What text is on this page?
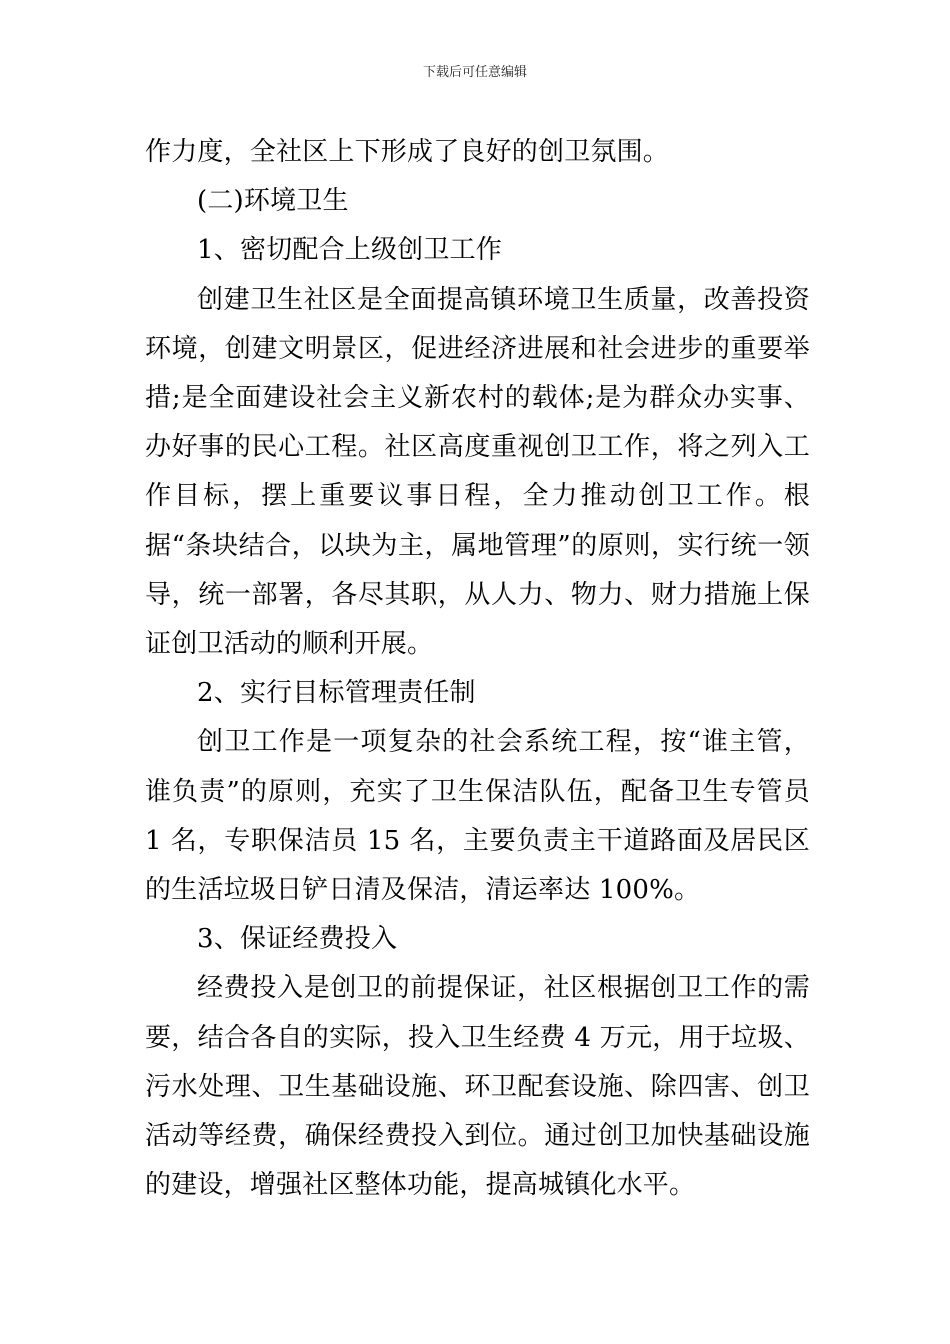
下载后可任意编辑

作力度，全社区上下形成了良好的创卫氛围。

(二)环境卫生

1、密切配合上级创卫工作

创建卫生社区是全面提高镇环境卫生质量，改善投资环境，创建文明景区，促进经济进展和社会进步的重要举措;是全面建设社会主义新农村的载体;是为群众办实事、办好事的民心工程。社区高度重视创卫工作，将之列入工作目标，摆上重要议事日程，全力推动创卫工作。根据“条块结合，以块为主，属地管理”的原则，实行统一领导，统一部署，各尽其职，从人力、物力、财力措施上保证创卫活动的顺利开展。

2、实行目标管理责任制

创卫工作是一项复杂的社会系统工程，按“谁主管，谁负责”的原则，充实了卫生保洁队伍，配备卫生专管员 1 名，专职保洁员 15 名，主要负责主干道路面及居民区的生活垃圾日铲日清及保洁，清运率达 100%。

3、保证经费投入

经费投入是创卫的前提保证，社区根据创卫工作的需要，结合各自的实际，投入卫生经费 4 万元，用于垃圾、污水处理、卫生基础设施、环卫配套设施、除四害、创卫活动等经费，确保经费投入到位。通过创卫加快基础设施的建设，增强社区整体功能，提高城镇化水平。
